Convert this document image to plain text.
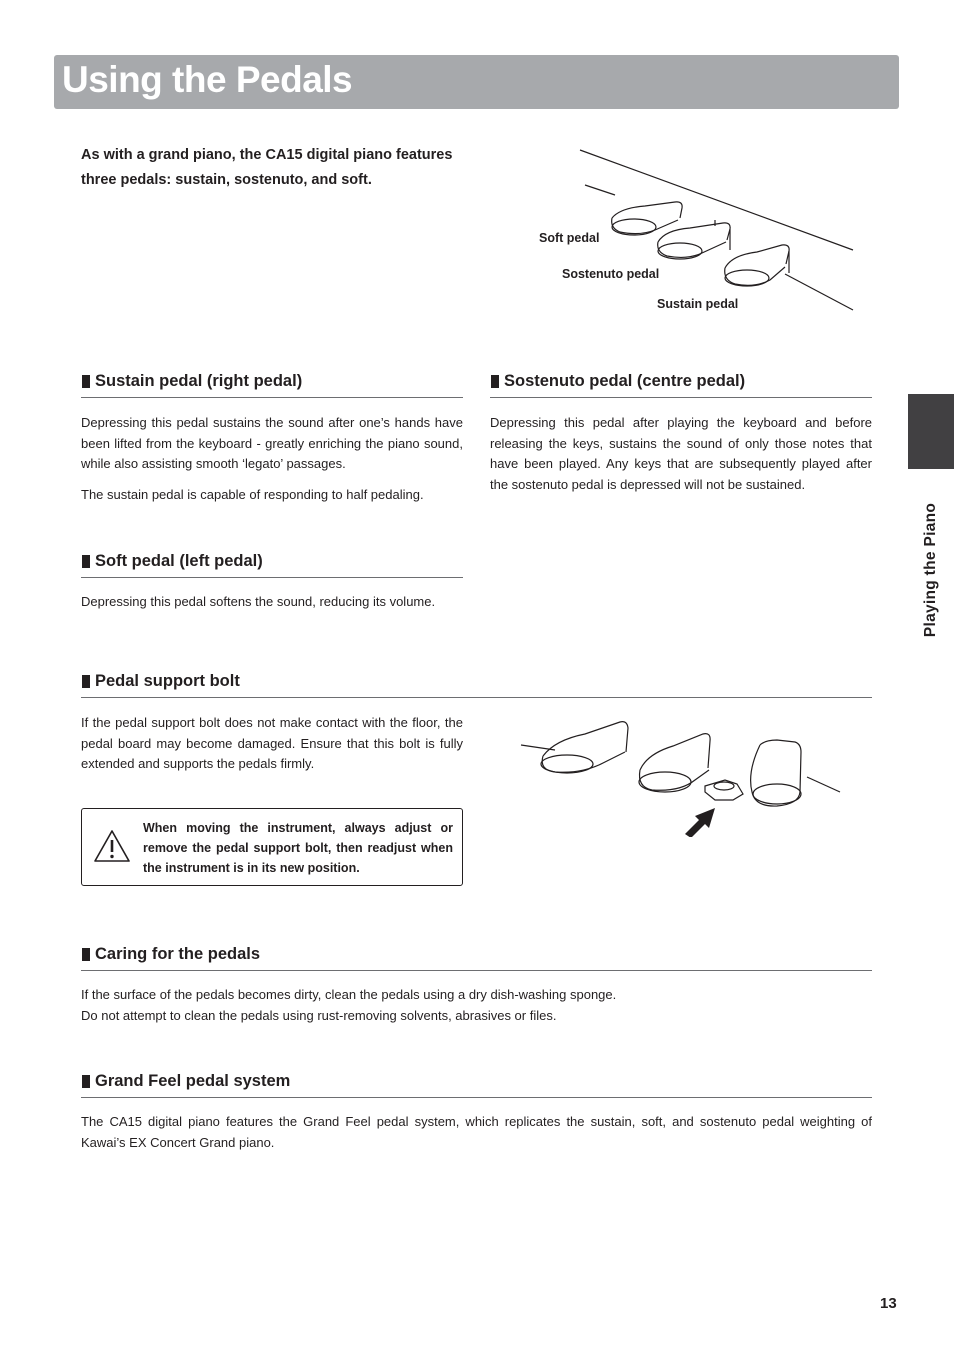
Using the Pedals
As with a grand piano, the CA15 digital piano features three pedals: sustain, sostenuto, and soft.
Soft pedal
Sostenuto pedal
Sustain pedal
Sustain pedal (right pedal)

Depressing this pedal sustains the sound after one’s hands have been lifted from the keyboard - greatly enriching the piano sound, while also assisting smooth ‘legato’ passages.

The sustain pedal is capable of responding to half pedaling.

Sostenuto pedal (centre pedal)

Depressing this pedal after playing the keyboard and before releasing the keys, sustains the sound of only those notes that have been played. Any keys that are subsequently played after the sostenuto pedal is depressed will not be sustained.

Soft pedal (left pedal)

Depressing this pedal softens the sound, reducing its volume.

Pedal support bolt

If the pedal support bolt does not make contact with the floor, the pedal board may become damaged. Ensure that this bolt is fully extended and supports the pedals firmly.

When moving the instrument, always adjust or remove the pedal support bolt, then readjust when the instrument is in its new position.
Caring for the pedals

If the surface of the pedals becomes dirty, clean the pedals using a dry dish-washing sponge.

Do not attempt to clean the pedals using rust-removing solvents, abrasives or files.

Grand Feel pedal system

The CA15 digital piano features the Grand Feel pedal system, which replicates the sustain, soft, and sostenuto pedal weighting of Kawai’s EX Concert Grand piano.

Playing the Piano
13
